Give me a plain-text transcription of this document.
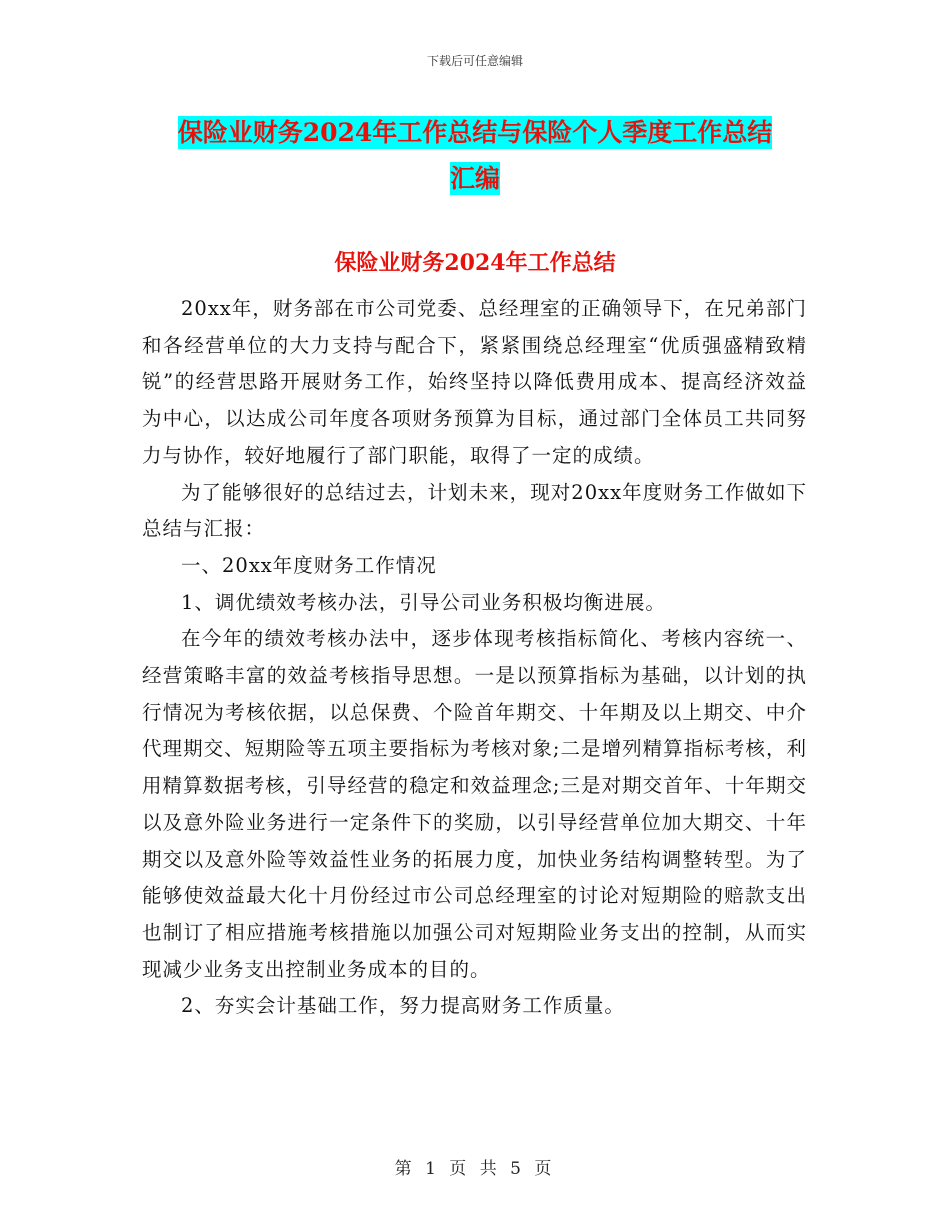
下载后可任意编辑
保险业财务2024年工作总结与保险个人季度工作总结
汇编
保险业财务2024年工作总结

20xx年，财务部在市公司党委、总经理室的正确领导下，在兄弟部门和各经营单位的大力支持与配合下，紧紧围绕总经理室“优质强盛精致精锐”的经营思路开展财务工作，始终坚持以降低费用成本、提高经济效益为中心，以达成公司年度各项财务预算为目标，通过部门全体员工共同努力与协作，较好地履行了部门职能，取得了一定的成绩。

为了能够很好的总结过去，计划未来，现对20xx年度财务工作做如下总结与汇报：

一、20xx年度财务工作情况

1、调优绩效考核办法，引导公司业务积极均衡进展。

在今年的绩效考核办法中，逐步体现考核指标简化、考核内容统一、经营策略丰富的效益考核指导思想。一是以预算指标为基础，以计划的执行情况为考核依据，以总保费、个险首年期交、十年期及以上期交、中介代理期交、短期险等五项主要指标为考核对象;二是增列精算指标考核，利用精算数据考核，引导经营的稳定和效益理念;三是对期交首年、十年期交以及意外险业务进行一定条件下的奖励，以引导经营单位加大期交、十年期交以及意外险等效益性业务的拓展力度，加快业务结构调整转型。为了能够使效益最大化十月份经过市公司总经理室的讨论对短期险的赔款支出也制订了相应措施考核措施以加强公司对短期险业务支出的控制，从而实现减少业务支出控制业务成本的目的。

2、夯实会计基础工作，努力提高财务工作质量。

第 1 页 共 5 页
